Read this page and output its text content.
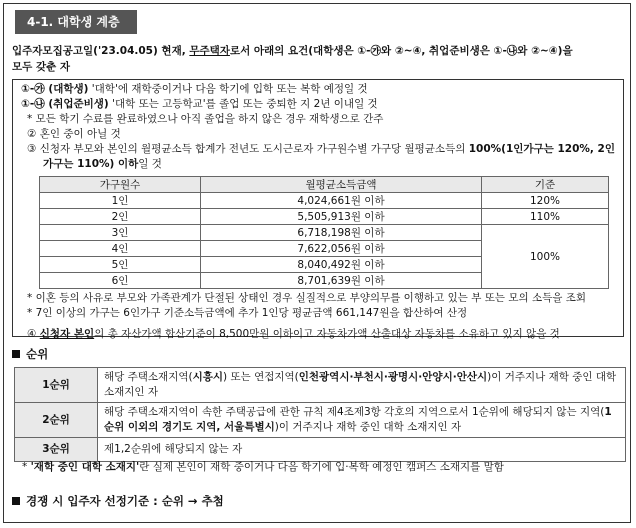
4-1. 대학생 계층
입주자모집공고일('23.04.05) 현재, 무주택자로서 아래의 요건(대학생은 ①-㉮와 ②~④, 취업준비생은 ①-㉯와 ②~④)을
모두 갖춘 자

①-㉮ (대학생) '대학'에 재학중이거나 다음 학기에 입학 또는 복학 예정일 것

①-㉯ (취업준비생) '대학 또는 고등학교'를 졸업 또는 중퇴한 지 2년 이내일 것

* 모든 학기 수료를 완료하였으나 아직 졸업을 하지 않은 경우 재학생으로 간주

② 혼인 중이 아닐 것

③ 신청자 부모와 본인의 월평균소득 합계가 전년도 도시근로자 가구원수별 가구당 월평균소득의 100%(1인가구는 120%, 2인가구는 110%) 이하일 것

가구원수	월평균소득금액	기준
1인	4,024,661원 이하	120%
2인	5,505,913원 이하	110%
3인	6,718,198원 이하	100%
4인	7,622,056원 이하	
5인	8,040,492원 이하	
6인	8,701,639원 이하	

* 이혼 등의 사유로 부모와 가족관계가 단절된 상태인 경우 실질적으로 부양의무를 이행하고 있는 부 또는 모의 소득을 조회

* 7인 이상의 가구는 6인가구 기준소득금액에 추가 1인당 평균금액 661,147원을 합산하여 산정

④ 신청자 본인의 총 자산가액 합산기준이 8,500만원 이하이고 자동차가액 산출대상 자동차를 소유하고 있지 않을 것

순위
1순위	해당 주택소재지역(시흥시) 또는 연접지역(인천광역시·부천시·광명시·안양시·안산시)이 거주지나 재학 중인 대학 소재지인 자
2순위	해당 주택소재지역이 속한 주택공급에 관한 규칙 제4조제3항 각호의 지역으로서 1순위에 해당되지 않는 지역(1순위 이외의 경기도 지역, 서울특별시)이 거주지나 재학 중인 대학 소재지인 자
3순위	제1,2순위에 해당되지 않는 자
* '재학 중인 대학 소재지'란 실제 본인이 재학 중이거나 다음 학기에 입·복학 예정인 캠퍼스 소재지를 말함
경쟁 시 입주자 선정기준 : 순위 → 추첨
